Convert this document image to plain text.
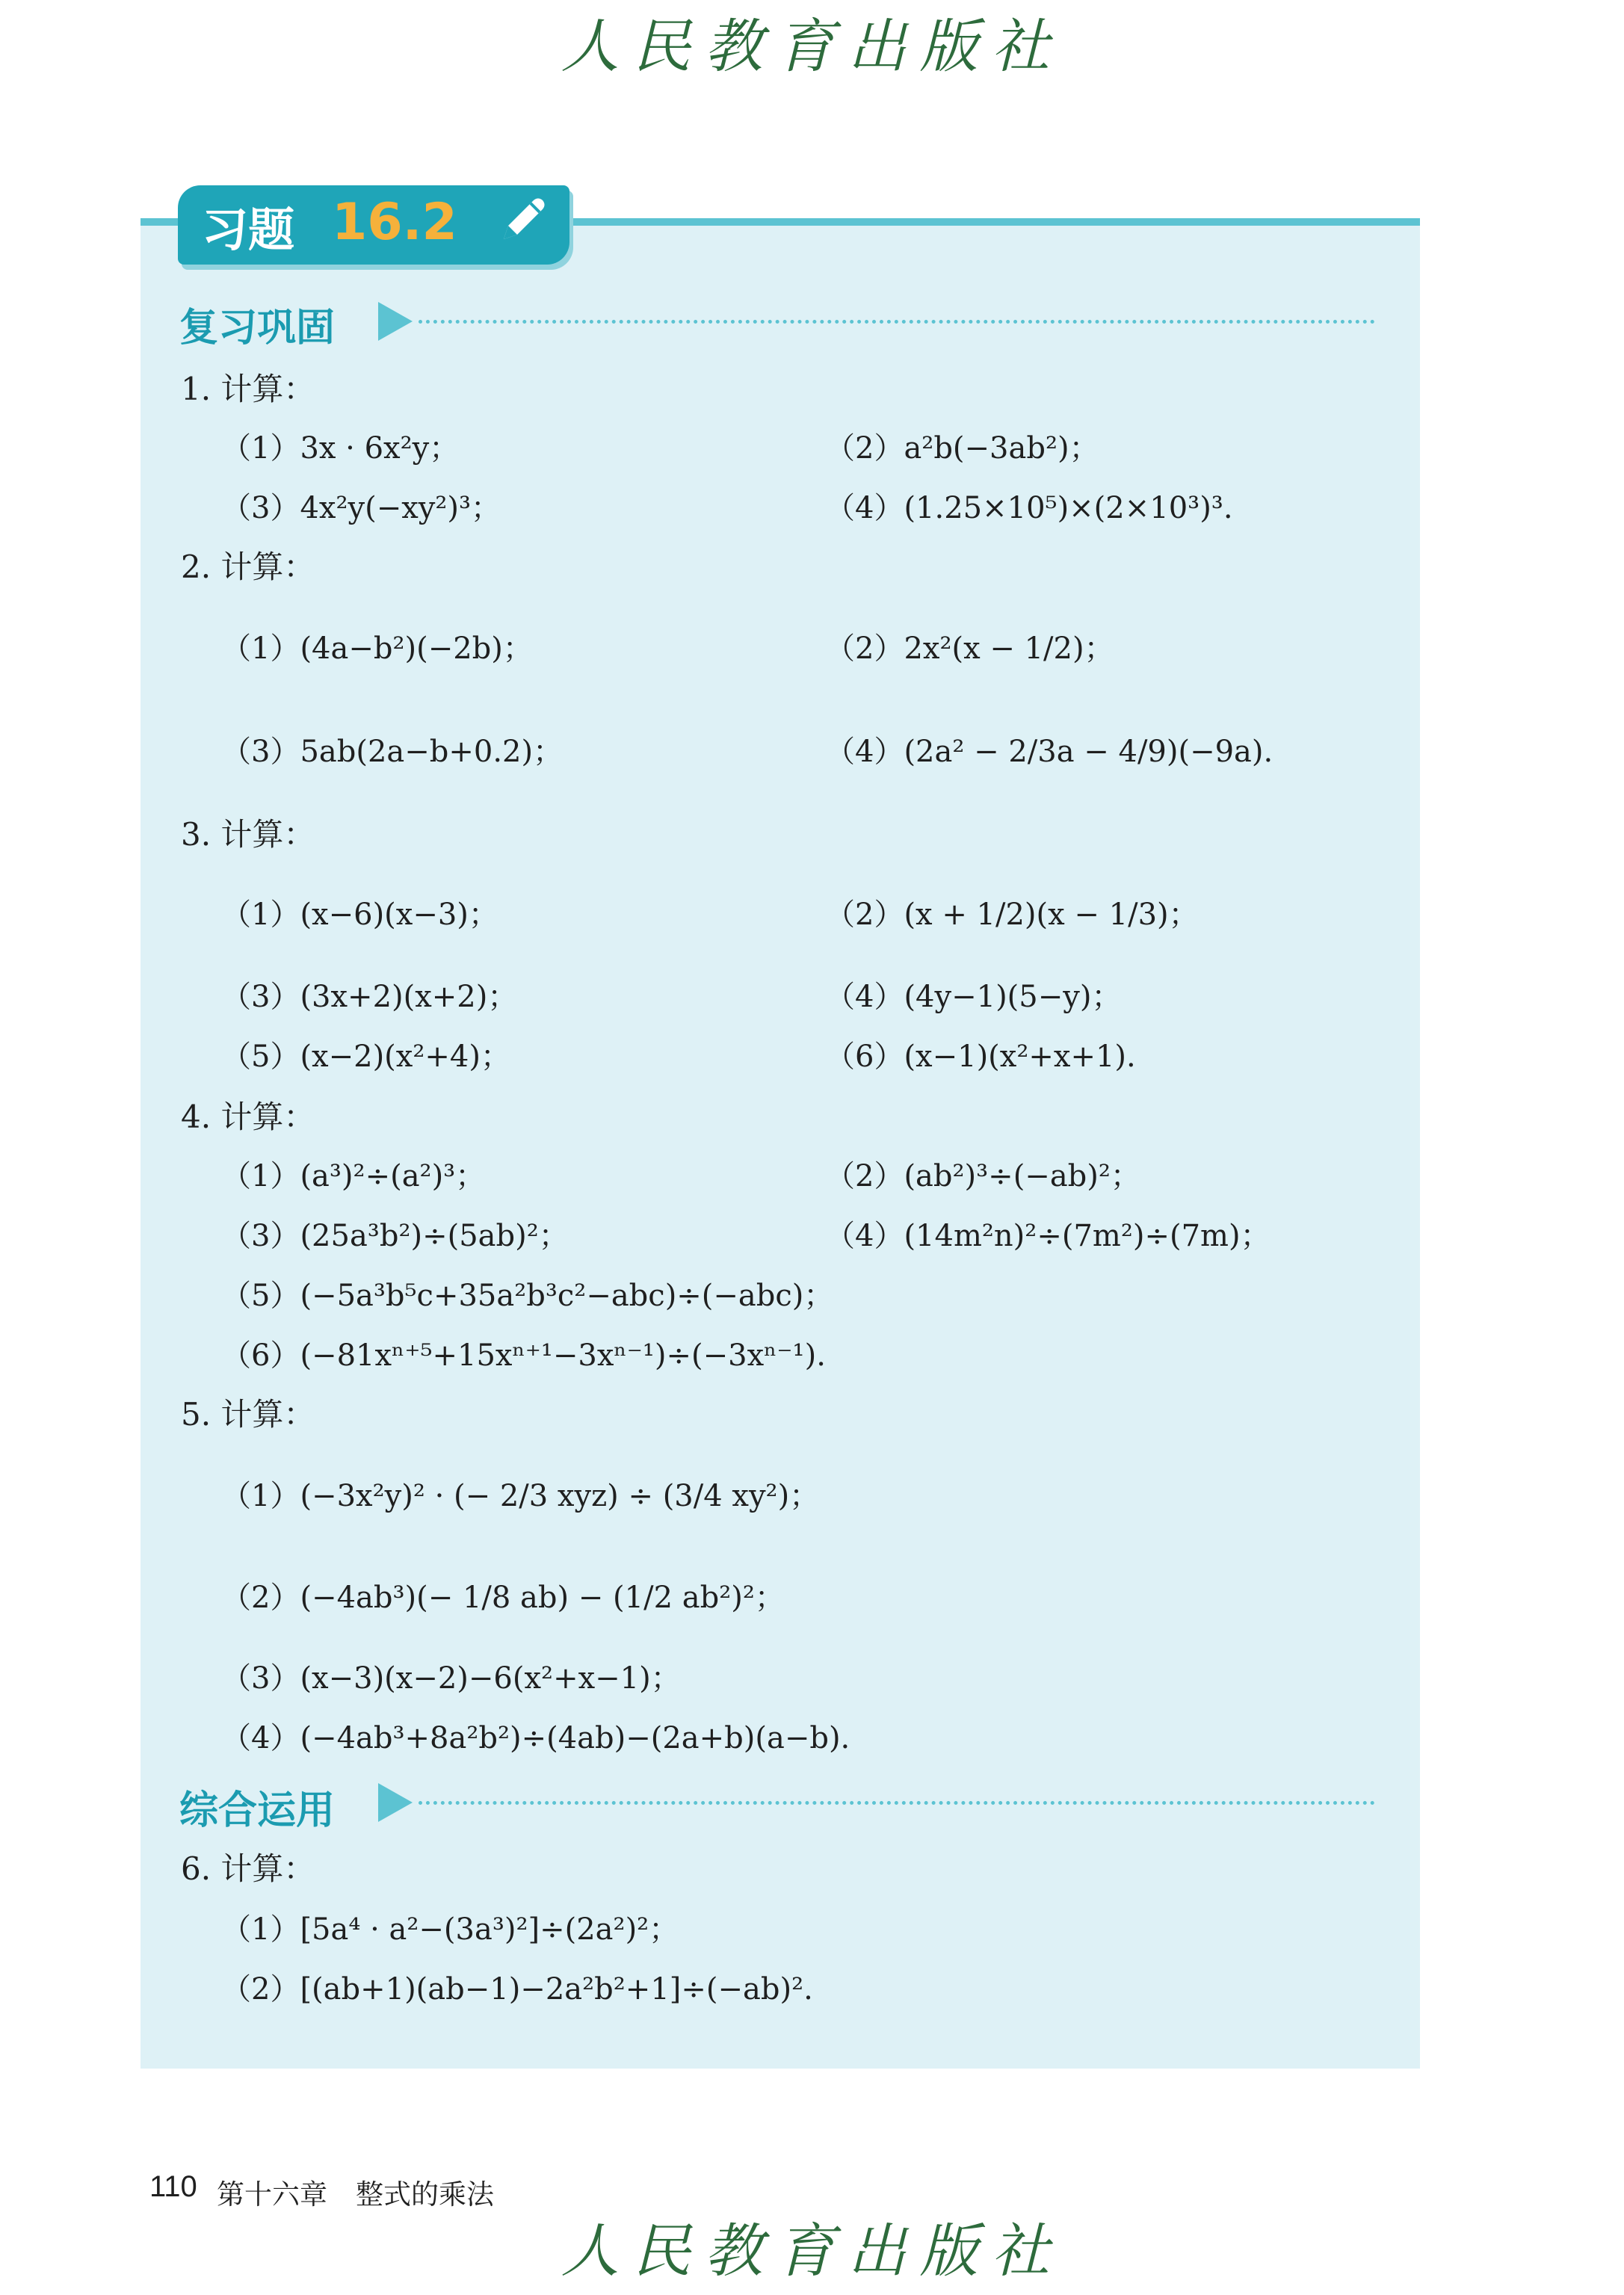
人民教育出版社
习题 16.2
复习巩固
1. 计算：
（1）3x · 6x²y；	（2）a²b(−3ab²)；
（3）4x²y(−xy²)³；	（4）(1.25×10⁵)×(2×10³)³.
2. 计算：
（1）(4a−b²)(−2b)；	（2）2x²(x − 1/2)；
（3）5ab(2a−b+0.2)；	（4）(2a² − 2/3a − 4/9)(−9a).
3. 计算：
（1）(x−6)(x−3)；	（2）(x + 1/2)(x − 1/3)；
（3）(3x+2)(x+2)；	（4）(4y−1)(5−y)；
（5）(x−2)(x²+4)；	（6）(x−1)(x²+x+1).
4. 计算：
（1）(a³)²÷(a²)³；	（2）(ab²)³÷(−ab)²；
（3）(25a³b²)÷(5ab)²；	（4）(14m²n)²÷(7m²)÷(7m)；
（5）(−5a³b⁵c+35a²b³c²−abc)÷(−abc)；
（6）(−81xⁿ⁺⁵+15xⁿ⁺¹−3xⁿ⁻¹)÷(−3xⁿ⁻¹).
5. 计算：
（1）(−3x²y)² · (− 2/3 xyz) ÷ (3/4 xy²)；
（2）(−4ab³)(− 1/8 ab) − (1/2 ab²)²；
（3）(x−3)(x−2)−6(x²+x−1)；
（4）(−4ab³+8a²b²)÷(4ab)−(2a+b)(a−b).
综合运用
6. 计算：
（1）[5a⁴ · a²−(3a³)²]÷(2a²)²；
（2）[(ab+1)(ab−1)−2a²b²+1]÷(−ab)².
110 第十六章 整式的乘法
人民教育出版社
